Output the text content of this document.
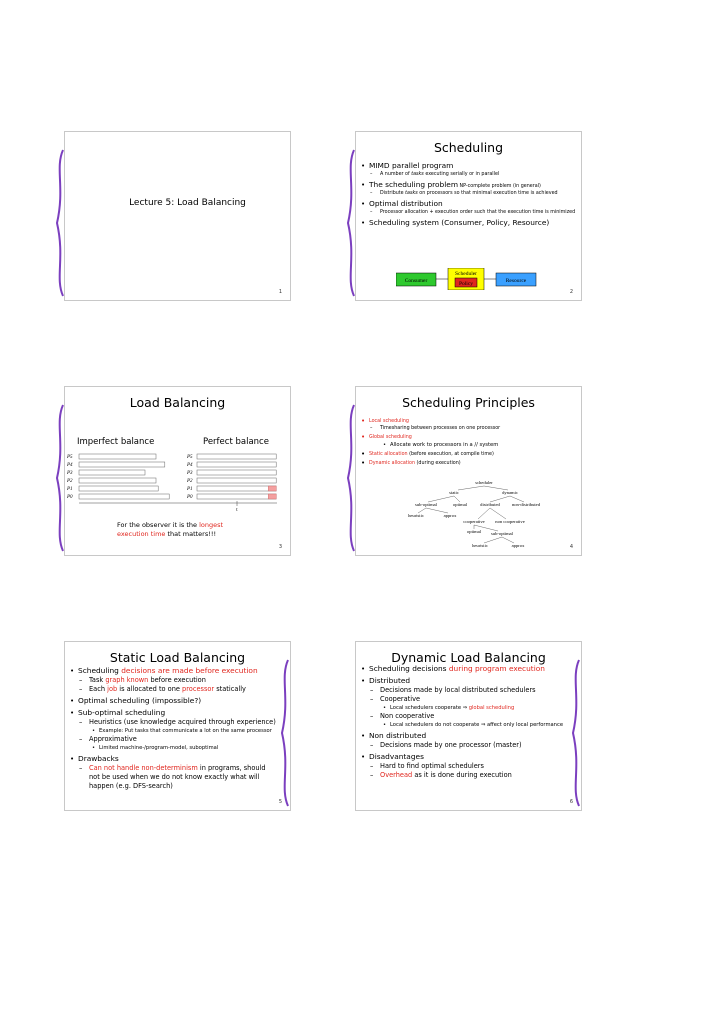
Lecture 5: Load Balancing
1
Scheduling
• MIMD parallel program
– A number of tasks executing serially or in parallel
• The scheduling problem NP-complete problem (in general)
– Distribute tasks on processors so that minimal execution time is achieved
• Optimal distribution
– Processor allocation + execution order such that the execution time is minimized
• Scheduling system (Consumer, Policy, Resource)
Consumer
Scheduler
Policy	Resource
2
Load Balancing
Imperfect balance	Perfect balance
P5	P5
P4	P4
P3	P3
P2	P2
P1	P1
P0	P0
t
For the observer it is the longest
execution time that matters!!!
3
Scheduling Principles
• Local scheduling
– Timesharing between processes on one processor
• Global scheduling
• Allocate work to processors in a // system
• Static allocation (before execution, at compile time)
• Dynamic allocation (during execution)
scheduler
static	dynamic
sub-optimal	optimal	distributed	non-distributed
heuristic	approx
cooperative non cooperative
optimal sub-optimal
heuristic	approx	4
Static Load Balancing
• Scheduling decisions are made before execution
– Task graph known before execution
– Each job is allocated to one processor statically
• Optimal scheduling (impossible?)
• Sub-optimal scheduling
– Heuristics (use knowledge acquired through experience)
• Example: Put tasks that communicate a lot on the same processor
– Approximative
• Limited machine-/program-model, suboptimal
• Drawbacks
– Can not handle non-determinism in programs, should not be used when we do not know exactly what will happen (e.g. DFS-search)
5
Dynamic Load Balancing
• Scheduling decisions during program execution
• Distributed
– Decisions made by local distributed schedulers
– Cooperative
• Local schedulers cooperate ⇒ global scheduling
– Non cooperative
• Local schedulers do not cooperate ⇒ affect only local performance
• Non distributed
– Decisions made by one processor (master)
• Disadvantages
– Hard to find optimal schedulers
– Overhead as it is done during execution
6
